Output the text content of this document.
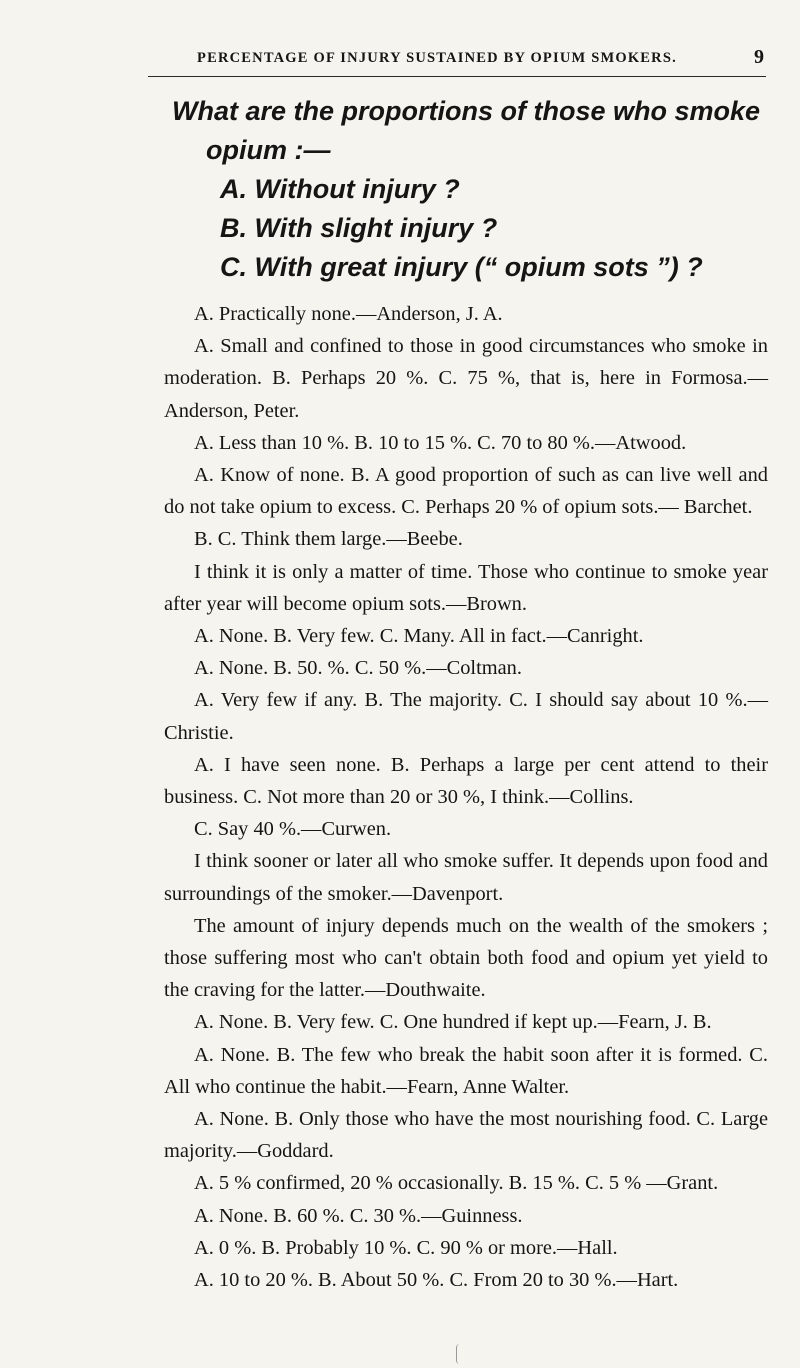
PERCENTAGE OF INJURY SUSTAINED BY OPIUM SMOKERS.	9
What are the proportions of those who smoke
opium :—
A. Without injury ?
B. With slight injury ?
C. With great injury (“ opium sots ”) ?

A. Practically none.—Anderson, J. A.

A. Small and confined to those in good circumstances who smoke in moderation. B. Perhaps 20 %. C. 75 %, that is, here in Formosa.—Anderson, Peter.

A. Less than 10 %. B. 10 to 15 %. C. 70 to 80 %.—Atwood.

A. Know of none. B. A good proportion of such as can live well and do not take opium to excess. C. Perhaps 20 % of opium sots.— Barchet.

B. C. Think them large.—Beebe.

I think it is only a matter of time. Those who continue to smoke year after year will become opium sots.—Brown.

A. None. B. Very few. C. Many. All in fact.—Canright.

A. None. B. 50. %. C. 50 %.—Coltman.

A. Very few if any. B. The majority. C. I should say about 10 %.—Christie.

A. I have seen none. B. Perhaps a large per cent attend to their business. C. Not more than 20 or 30 %, I think.—Collins.

C. Say 40 %.—Curwen.

I think sooner or later all who smoke suffer. It depends upon food and surroundings of the smoker.—Davenport.

The amount of injury depends much on the wealth of the smokers ; those suffering most who can't obtain both food and opium yet yield to the craving for the latter.—Douthwaite.

A. None. B. Very few. C. One hundred if kept up.—Fearn, J. B.

A. None. B. The few who break the habit soon after it is formed. C. All who continue the habit.—Fearn, Anne Walter.

A. None. B. Only those who have the most nourishing food. C. Large majority.—Goddard.

A. 5 % confirmed, 20 % occasionally. B. 15 %. C. 5 % —Grant.

A. None. B. 60 %. C. 30 %.—Guinness.

A. 0 %. B. Probably 10 %. C. 90 % or more.—Hall.

A. 10 to 20 %. B. About 50 %. C. From 20 to 30 %.—Hart.
